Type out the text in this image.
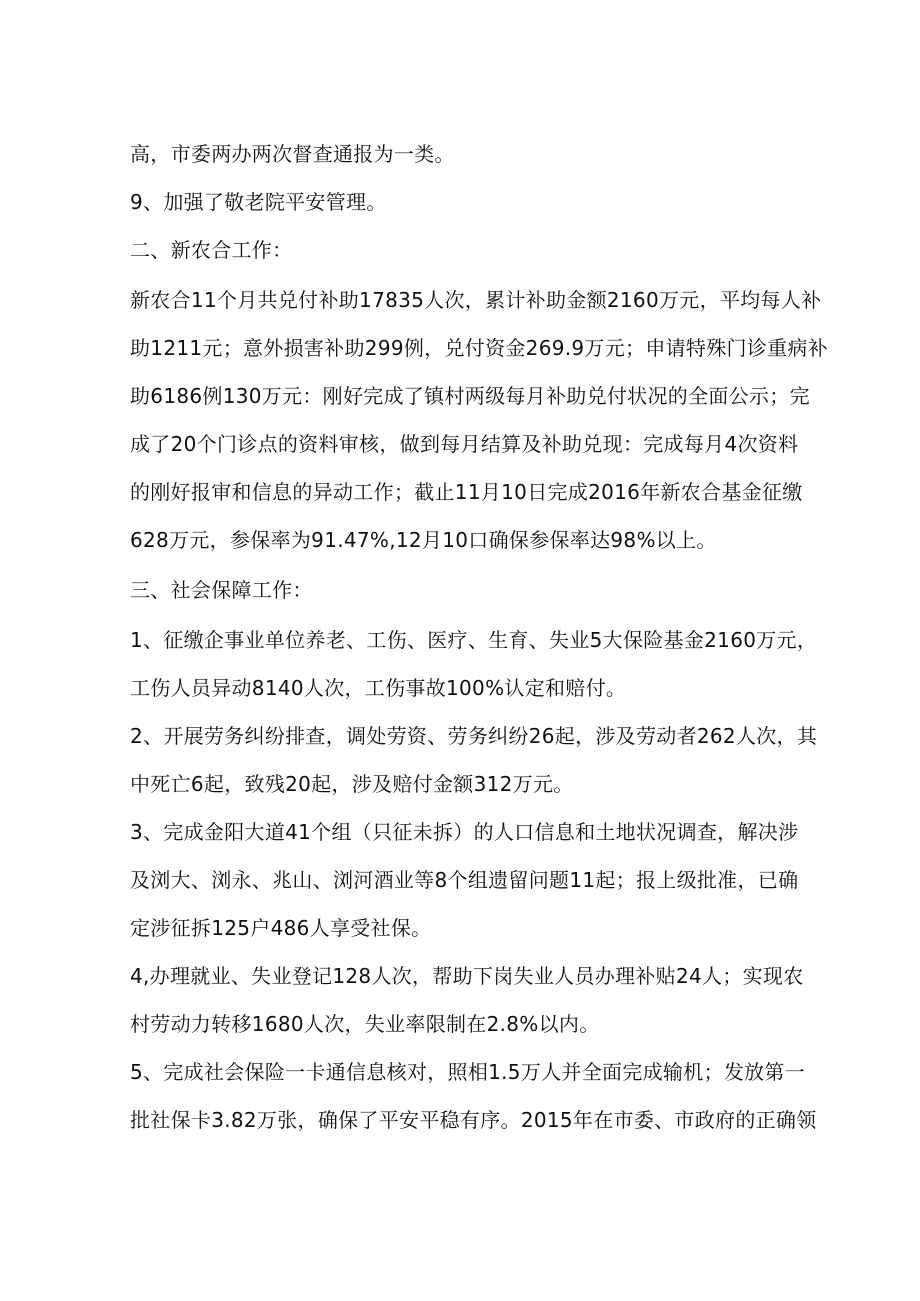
高，市委两办两次督查通报为一类。

9、加强了敬老院平安管理。

二、新农合工作：

新农合11个月共兑付补助17835人次，累计补助金额2160万元，平均每人补
助1211元；意外损害补助299例，兑付资金269.9万元；申请特殊门诊重病补
助6186例130万元：刚好完成了镇村两级每月补助兑付状况的全面公示；完
成了20个门诊点的资料审核，做到每月结算及补助兑现：完成每月4次资料
的刚好报审和信息的异动工作；截止11月10日完成2016年新农合基金征缴
628万元，参保率为91.47%,12月10口确保参保率达98%以上。

三、社会保障工作：

1、征缴企事业单位养老、工伤、医疗、生育、失业5大保险基金2160万元，
工伤人员异动8140人次，工伤事故100%认定和赔付。

2、开展劳务纠纷排查，调处劳资、劳务纠纷26起，涉及劳动者262人次，其
中死亡6起，致残20起，涉及赔付金额312万元。

3、完成金阳大道41个组（只征未拆）的人口信息和土地状况调查，解决涉
及浏大、浏永、兆山、浏河酒业等8个组遗留问题11起；报上级批准，已确
定涉征拆125户486人享受社保。

4,办理就业、失业登记128人次，帮助下岗失业人员办理补贴24人；实现农
村劳动力转移1680人次，失业率限制在2.8%以内。

5、完成社会保险一卡通信息核对，照相1.5万人并全面完成输机；发放第一
批社保卡3.82万张，确保了平安平稳有序。2015年在市委、市政府的正确领
